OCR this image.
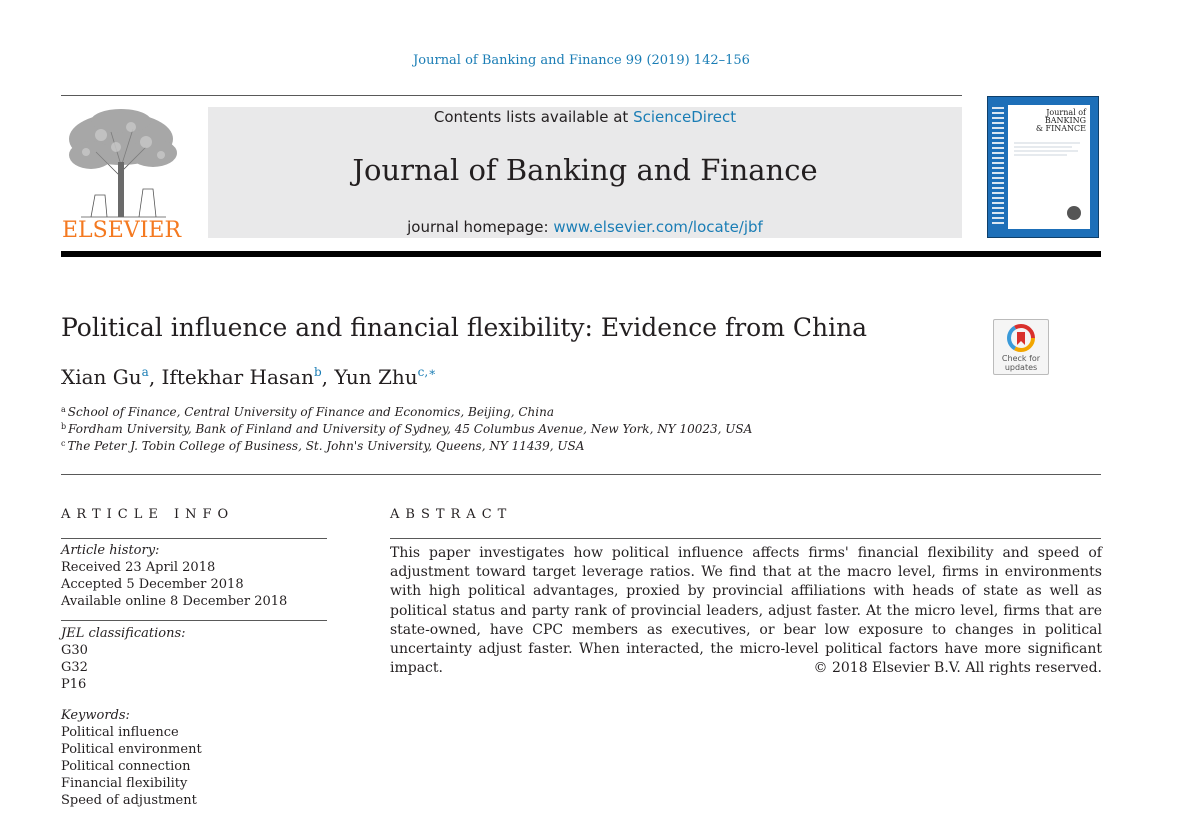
Journal of Banking and Finance 99 (2019) 142–156
ELSEVIER
Contents lists available at ScienceDirect
Journal of Banking and Finance
journal homepage: www.elsevier.com/locate/jbf
Journal of
BANKING
& FINANCE
Political influence and financial flexibility: Evidence from China
Check for updates
Xian Gu$^a$, Iftekhar Hasan$^b$, Yun Zhu$^{c,∗}$
$^a$ School of Finance, Central University of Finance and Economics, Beijing, China
$^b$ Fordham University, Bank of Finland and University of Sydney, 45 Columbus Avenue, New York, NY 10023, USA
$^c$ The Peter J. Tobin College of Business, St. John's University, Queens, NY 11439, USA
ARTICLE INFO
Article history:
Received 23 April 2018
Accepted 5 December 2018
Available online 8 December 2018
JEL classifications:
G30
G32
P16
Keywords:
Political influence
Political environment
Political connection
Financial flexibility
Speed of adjustment
ABSTRACT
This paper investigates how political influence affects firms' financial flexibility and speed of adjustment toward target leverage ratios. We find that at the macro level, firms in environments with high political advantages, proxied by provincial affiliations with heads of state as well as political status and party rank of provincial leaders, adjust faster. At the micro level, firms that are state-owned, have CPC members as executives, or bear low exposure to changes in political uncertainty adjust faster. When interacted, the micro-level political factors have more significant impact.	© 2018 Elsevier B.V. All rights reserved.
